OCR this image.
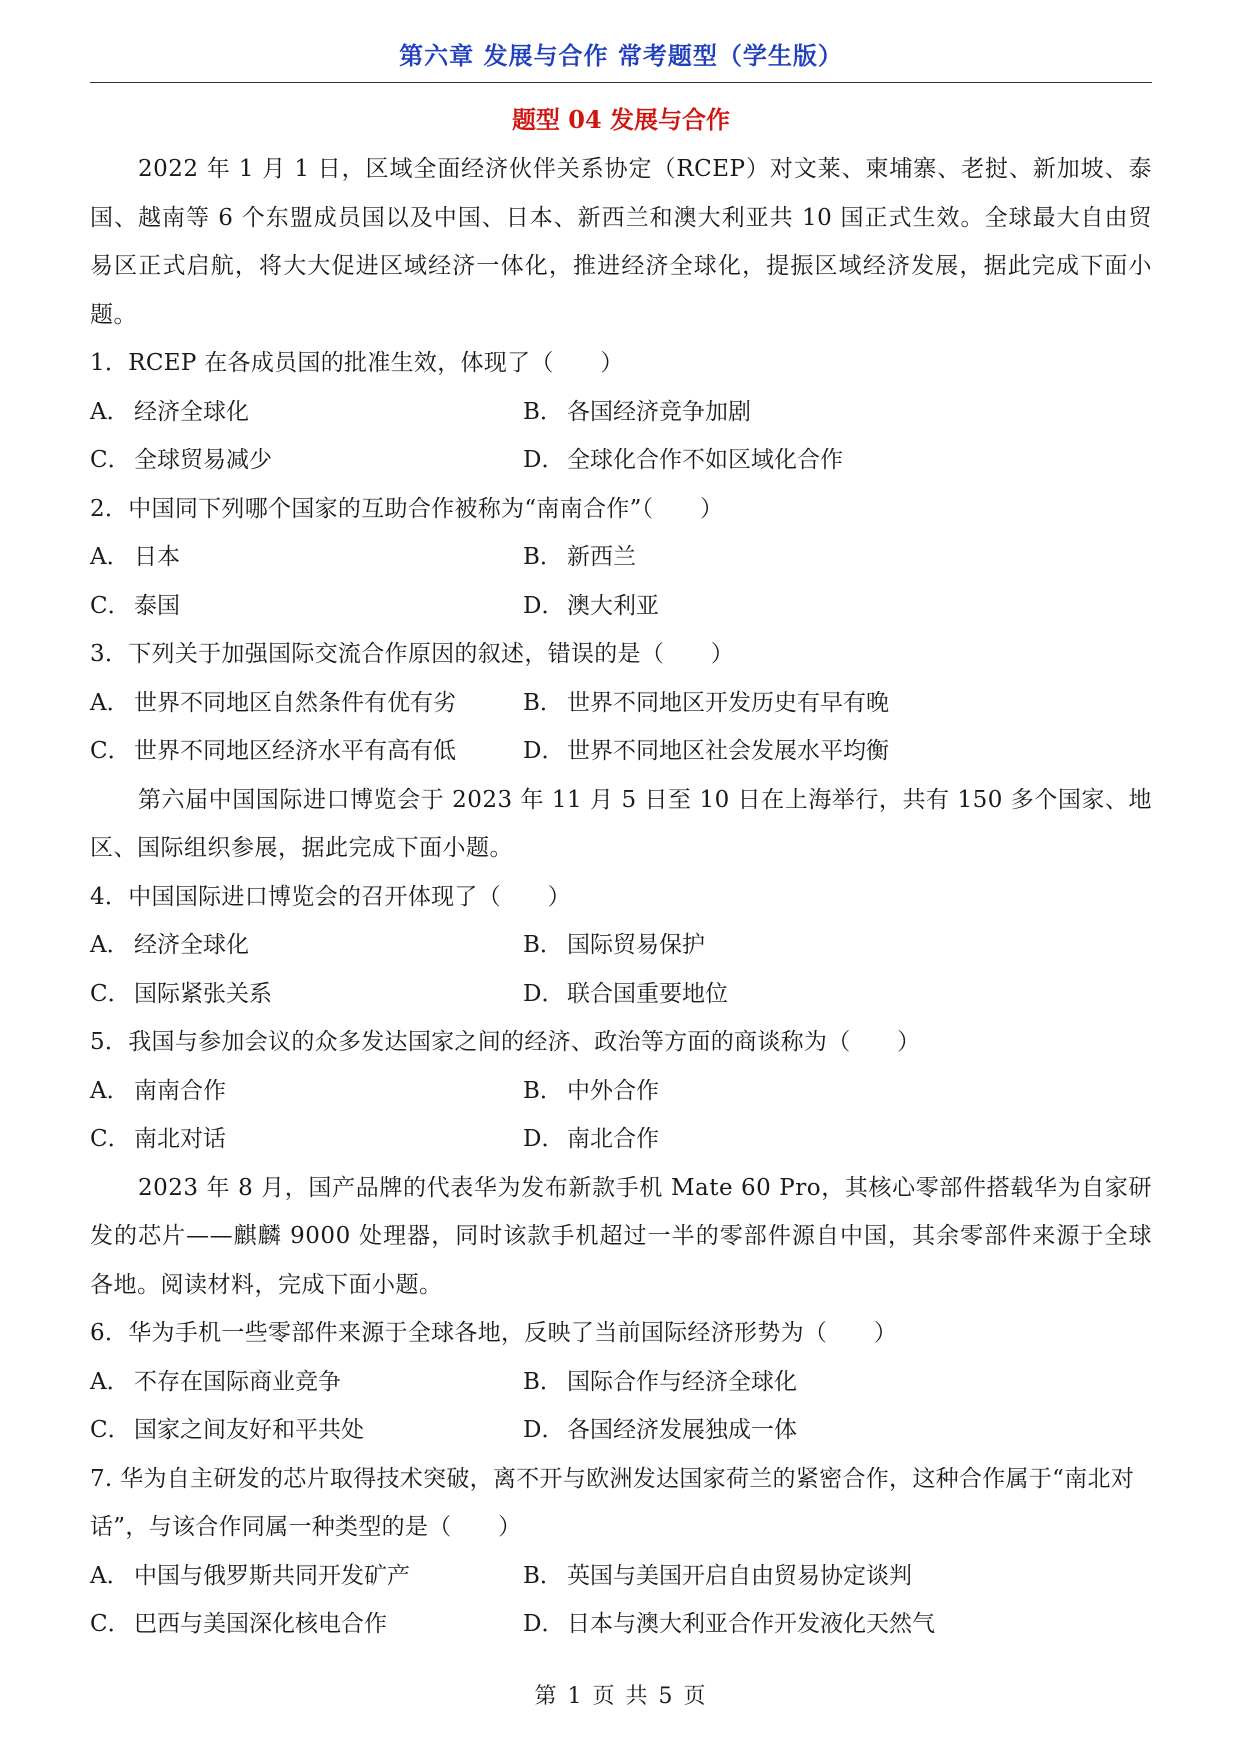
第六章 发展与合作 常考题型（学生版）
题型 04 发展与合作

2022 年 1 月 1 日，区域全面经济伙伴关系协定（RCEP）对文莱、柬埔寨、老挝、新加坡、泰国、越南等 6 个东盟成员国以及中国、日本、新西兰和澳大利亚共 10 国正式生效。全球最大自由贸易区正式启航，将大大促进区域经济一体化，推进经济全球化，提振区域经济发展，据此完成下面小题。

1．RCEP 在各成员国的批准生效，体现了（　　）

A． 经济全球化	B． 各国经济竞争加剧
C． 全球贸易减少	D． 全球化合作不如区域化合作

2．中国同下列哪个国家的互助合作被称为“南南合作”（　　）

A． 日本	B． 新西兰
C． 泰国	D． 澳大利亚

3．下列关于加强国际交流合作原因的叙述，错误的是（　　）

A． 世界不同地区自然条件有优有劣	B． 世界不同地区开发历史有早有晚
C． 世界不同地区经济水平有高有低	D． 世界不同地区社会发展水平均衡

第六届中国国际进口博览会于 2023 年 11 月 5 日至 10 日在上海举行，共有 150 多个国家、地区、国际组织参展，据此完成下面小题。

4．中国国际进口博览会的召开体现了（　　）

A． 经济全球化	B． 国际贸易保护
C． 国际紧张关系	D． 联合国重要地位

5．我国与参加会议的众多发达国家之间的经济、政治等方面的商谈称为（　　）

A． 南南合作	B． 中外合作
C． 南北对话	D． 南北合作

2023 年 8 月，国产品牌的代表华为发布新款手机 Mate 60 Pro，其核心零部件搭载华为自家研发的芯片——麒麟 9000 处理器，同时该款手机超过一半的零部件源自中国，其余零部件来源于全球各地。阅读材料，完成下面小题。

6．华为手机一些零部件来源于全球各地，反映了当前国际经济形势为（　　）

A． 不存在国际商业竞争	B． 国际合作与经济全球化
C． 国家之间友好和平共处	D． 各国经济发展独成一体

7. 华为自主研发的芯片取得技术突破，离不开与欧洲发达国家荷兰的紧密合作，这种合作属于“南北对话”，与该合作同属一种类型的是（　　）

A． 中国与俄罗斯共同开发矿产	B． 英国与美国开启自由贸易协定谈判
C． 巴西与美国深化核电合作	D． 日本与澳大利亚合作开发液化天然气
第 1 页 共 5 页
